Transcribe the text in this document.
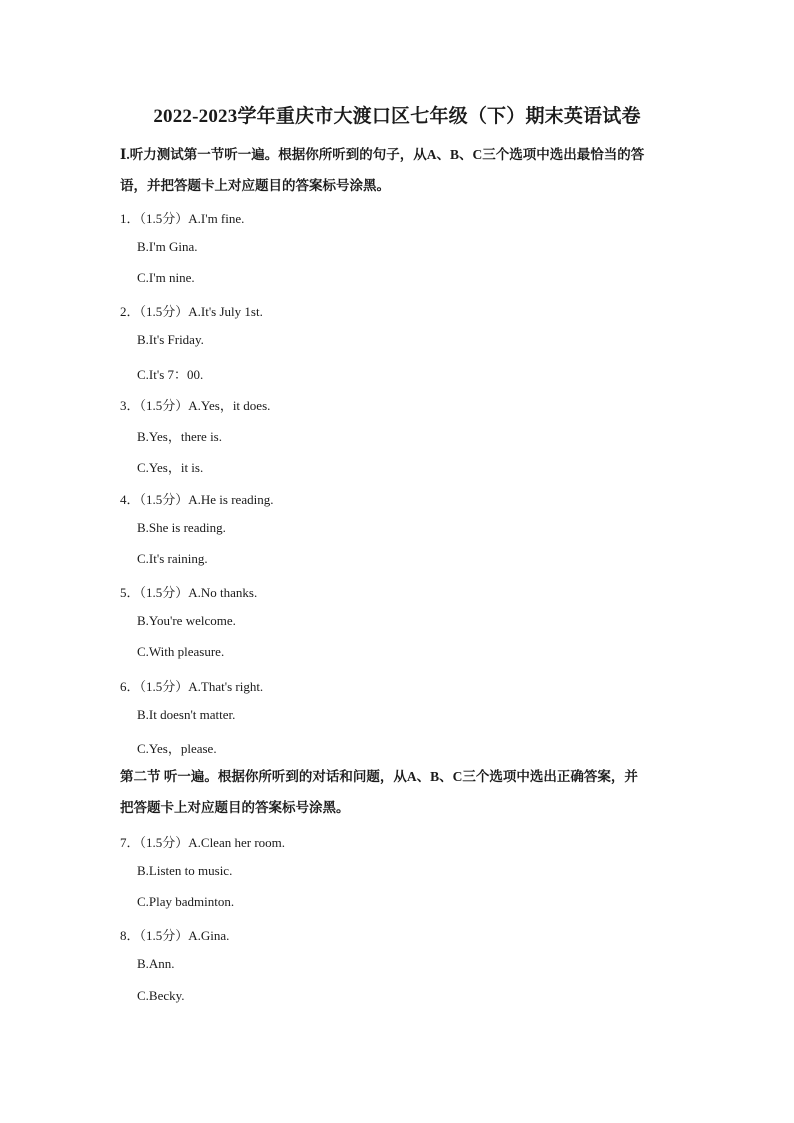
2022-2023学年重庆市大渡口区七年级（下）期末英语试卷
Ⅰ.听力测试第一节听一遍。根据你所听到的句子，从A、B、C三个选项中选出最恰当的答
语，并把答题卡上对应题目的答案标号涂黑。
1．（1.5分）A.I'm fine.
B.I'm Gina.
C.I'm nine.
2．（1.5分）A.It's July 1st.
B.It's Friday.
C.It's 7：00.
3．（1.5分）A.Yes，it does.
B.Yes，there is.
C.Yes，it is.
4．（1.5分）A.He is reading.
B.She is reading.
C.It's raining.
5．（1.5分）A.No thanks.
B.You're welcome.
C.With pleasure.
6．（1.5分）A.That's right.
B.It doesn't matter.
C.Yes，please.
第二节 听一遍。根据你所听到的对话和问题，从A、B、C三个选项中选出正确答案，并
把答题卡上对应题目的答案标号涂黑。
7．（1.5分）A.Clean her room.
B.Listen to music.
C.Play badminton.
8．（1.5分）A.Gina.
B.Ann.
C.Becky.
